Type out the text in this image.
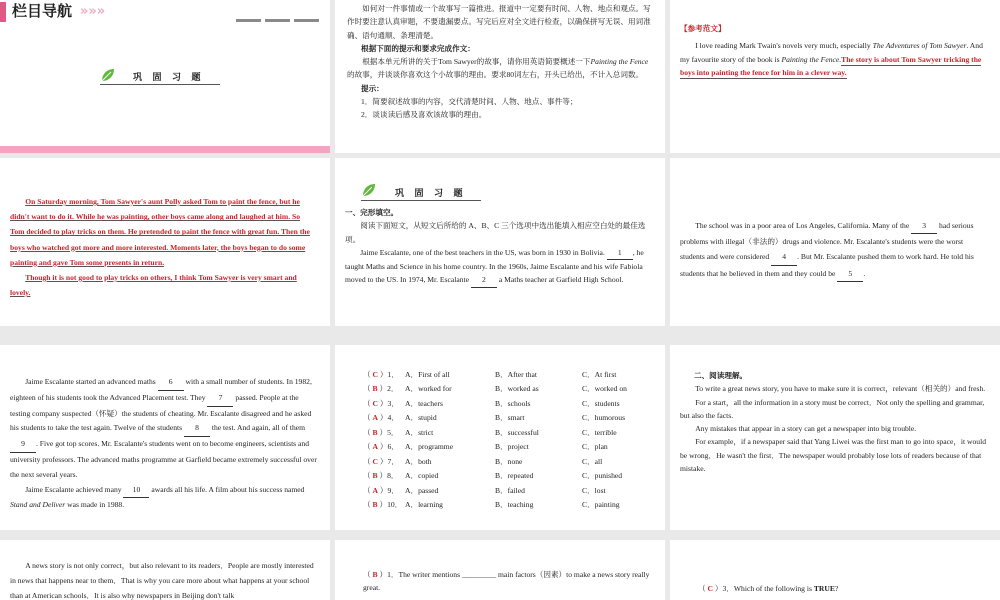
栏目导航 »»»
巩 固 习 题
如何对一件事情或一个故事写一篇推进。报道中一定要有时间、人物、地点和观点。写作时要注意认真审题，不要遗漏要点。写完后应对全文进行检查，以确保拼写无误、用词准确、语句通顺、条理清楚。
根据下面的提示和要求完成作文：
根据本单元所讲的关于Tom Sawyer的故事，请你用英语简要概述一下Painting the Fence的故事，并谈谈你喜欢这个小故事的理由。要求80词左右，开头已给出，不计入总词数。
提示：
1．简要叙述故事的内容，交代清楚时间、人物、地点、事件等；
2．谈谈读后感及喜欢该故事的理由。
【参考范文】
I love reading Mark Twain's novels very much, especially The Adventures of Tom Sawyer. And my favourite story of the book is Painting the Fence.The story is about Tom Sawyer tricking the boys into painting the fence for him in a clever way.
On Saturday morning, Tom Sawyer's aunt Polly asked Tom to paint the fence, but he didn't want to do it. While he was painting, other boys came along and laughed at him. So Tom decided to play tricks on them. He pretended to paint the fence with great fun. Then the boys who watched got more and more interested. Moments later, the boys began to do some painting and gave Tom some presents in return.
Though it is not good to play tricks on others, I think Tom Sawyer is very smart and lovely.
巩 固 习 题
一、完形填空。
阅读下面短文，从短文后所给的 A、B、C 三个选项中选出能填入相应空白处的最佳选项。
Jaime Escalante, one of the best teachers in the US, was born in 1930 in Bolivia. 1 , he taught Maths and Science in his home country. In the 1960s, Jaime Escalante and his wife Fabiola moved to the US. In 1974, Mr. Escalante 2 a Maths teacher at Garfield High School.
The school was in a poor area of Los Angeles, California. Many of the 3 had serious problems with illegal（非法的）drugs and violence. Mr. Escalante's students were the worst students and were considered 4 . But Mr. Escalante pushed them to work hard. He told his students that he believed in them and they could be 5 .
Jaime Escalante started an advanced maths 6 with a small number of students. In 1982, eighteen of his students took the Advanced Placement test. They 7 passed. People at the testing company suspected（怀疑）the students of cheating. Mr. Escalante disagreed and he asked his students to take the test again. Twelve of the students 8 the test. And again, all of them 9 . Five got top scores. Mr. Escalante's students went on to become engineers, scientists and university professors. The advanced maths programme at Garfield became extremely successful over the next several years.
Jaime Escalante achieved many 10 awards all his life. A film about his success named Stand and Deliver was made in 1988.
（ C ）1． A．First of all	B．After that	C．At first
（ B ）2． A．worked for	B．worked as	C．worked on
（ C ）3． A．teachers	B．schools	C．students
（ A ）4． A．stupid	B．smart	C．humorous
（ B ）5． A．strict	B．successful	C．terrible
（ A ）6． A．programme	B．project	C．plan
（ C ）7． A．both	B．none	C．all
（ B ）8． A．copied	B．repeated	C．punished
（ A ）9． A．passed	B．failed	C．lost
（ B ）10． A．learning	B．teaching	C．painting
二、阅读理解。
To write a great news story, you have to make sure it is correct，relevant（相关的）and fresh.
For a start，all the information in a story must be correct．Not only the spelling and grammar, but also the facts.
Any mistakes that appear in a story can get a newspaper into big trouble.
For example，if a newspaper said that Yang Liwei was the first man to go into space，it would be wrong．He wasn't the first．The newspaper would probably lose lots of readers because of that mistake.
A news story is not only correct，but also relevant to its readers．People are mostly interested in news that happens near to them．That is why you care more about what happens at your school than at American schools．It is also why newspapers in Beijing don't talk
（ B ）1．The writer mentions _________ main factors（因素）to make a news story really great.	（ C ）3．Which of the following is TRUE?
